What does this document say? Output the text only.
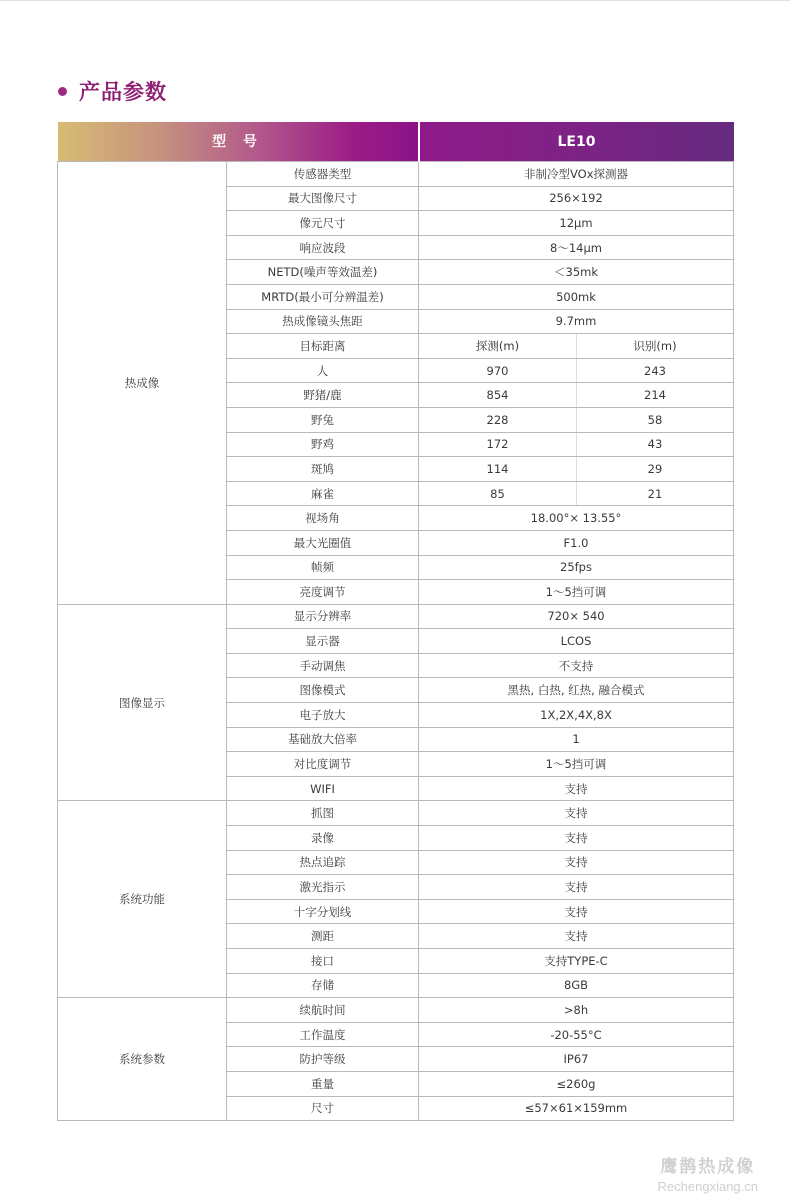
产品参数
型 号		LE10	
热成像	传感器类型	非制冷型VOx探测器	
	最大图像尺寸	256×192	
	像元尺寸	12μm	
	响应波段	8～14μm	
	NETD(噪声等效温差)	＜35mk	
	MRTD(最小可分辨温差)	500mk	
	热成像镜头焦距	9.7mm	
	目标距离	探测(m)	识别(m)
	人	970	243
	野猪/鹿	854	214
	野兔	228	58
	野鸡	172	43
	斑鸠	114	29
	麻雀	85	21
	视场角	18.00°× 13.55°	
	最大光圈值	F1.0	
	帧频	25fps	
	亮度调节	1～5挡可调	
图像显示	显示分辨率	720× 540	
	显示器	LCOS	
	手动调焦	不支持	
	图像模式	黑热, 白热, 红热, 融合模式	
	电子放大	1X,2X,4X,8X	
	基础放大倍率	1	
	对比度调节	1～5挡可调	
	WIFI	支持	
系统功能	抓图	支持	
	录像	支持	
	热点追踪	支持	
	激光指示	支持	
	十字分划线	支持	
	测距	支持	
	接口	支持TYPE-C	
	存储	8GB	
系统参数	续航时间	>8h	
	工作温度	-20-55°C	
	防护等级	IP67	
	重量	≤260g	
	尺寸	≤57×61×159mm	
鹰鹊热成像
Rechengxiang.cn
